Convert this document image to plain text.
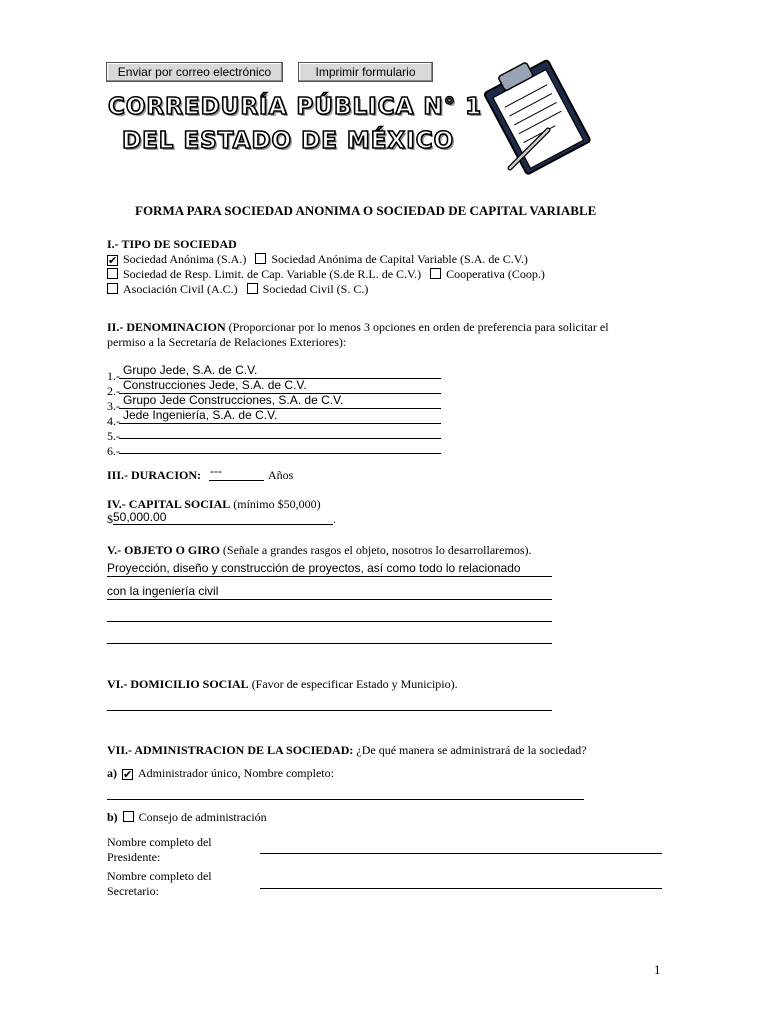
Enviar por correo electrónico	Imprimir formulario
CORREDURÍA PÚBLICA N° 1
DEL ESTADO DE MÉXICO
FORMA PARA SOCIEDAD ANONIMA O SOCIEDAD DE CAPITAL VARIABLE
I.- TIPO DE SOCIEDAD
✔ Sociedad Anónima (S.A.) Sociedad Anónima de Capital Variable (S.A. de C.V.)
Sociedad de Resp. Limit. de Cap. Variable (S.de R.L. de C.V.) Cooperativa (Coop.)
Asociación Civil (A.C.) Sociedad Civil (S. C.)
II.- DENOMINACION (Proporcionar por lo menos 3 opciones en orden de preferencia para solicitar el
permiso a la Secretaría de Relaciones Exteriores):
1.- Grupo Jede, S.A. de C.V.
2.- Construcciones Jede, S.A. de C.V.
3.- Grupo Jede Construcciones, S.A. de C.V.
4.- Jede Ingeniería, S.A. de C.V.
5.-
6.-
III.- DURACION: ---	Años
IV.- CAPITAL SOCIAL (mínimo $50,000)
$ 50,000.00	.
V.- OBJETO O GIRO (Señale a grandes rasgos el objeto, nosotros lo desarrollaremos).
Proyección, diseño y construcción de proyectos, así como todo lo relacionado
con la ingeniería civil
VI.- DOMICILIO SOCIAL (Favor de especificar Estado y Municipio).
VII.- ADMINISTRACION DE LA SOCIEDAD: ¿De qué manera se administrará de la sociedad?
a) ✔ Administrador único, Nombre completo:
b) Consejo de administración
Nombre completo del
Presidente:
Nombre completo del
Secretario:
1
